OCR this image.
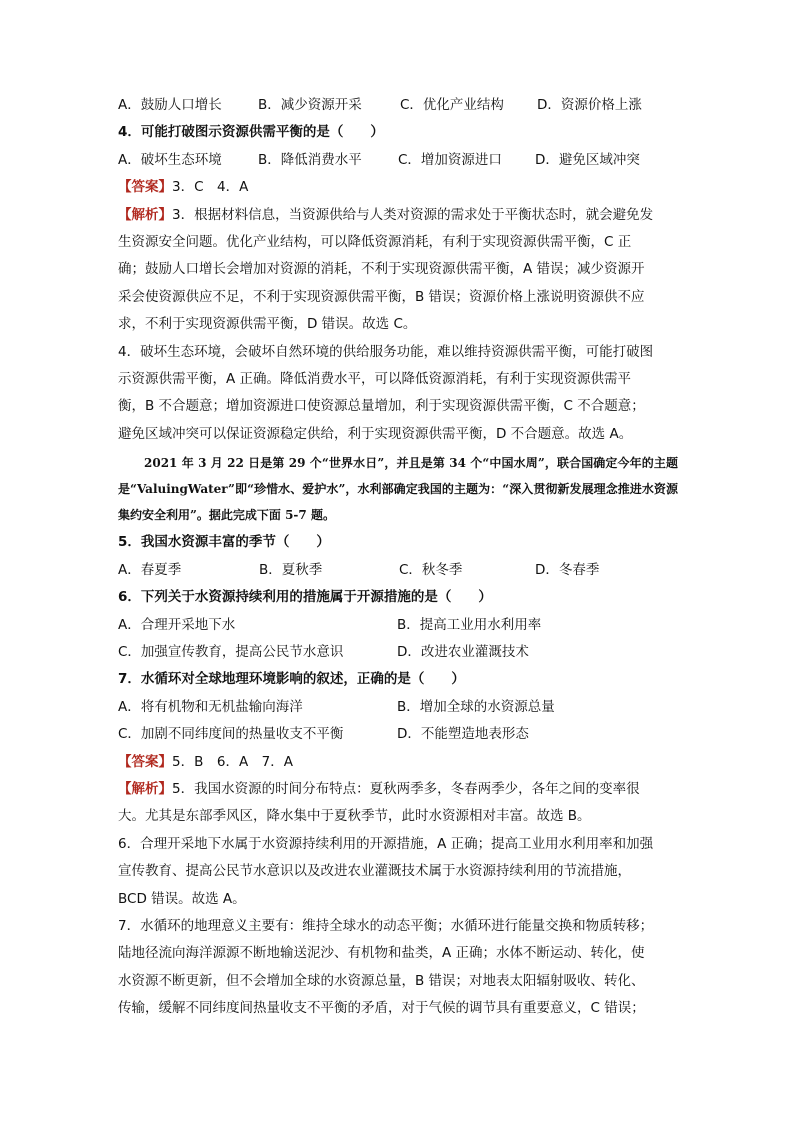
A．鼓励人口增长	B．减少资源开采	C．优化产业结构	D．资源价格上涨
4．可能打破图示资源供需平衡的是（　　）
A．破坏生态环境	B．降低消费水平	C．增加资源进口	D．避免区域冲突
【答案】3．C　4．A
【解析】3．根据材料信息，当资源供给与人类对资源的需求处于平衡状态时，就会避免发
生资源安全问题。优化产业结构，可以降低资源消耗，有利于实现资源供需平衡，C 正
确；鼓励人口增长会增加对资源的消耗，不利于实现资源供需平衡，A 错误；减少资源开
采会使资源供应不足，不利于实现资源供需平衡，B 错误；资源价格上涨说明资源供不应
求，不利于实现资源供需平衡，D 错误。故选 C。
4．破坏生态环境，会破坏自然环境的供给服务功能，难以维持资源供需平衡，可能打破图
示资源供需平衡，A 正确。降低消费水平，可以降低资源消耗，有利于实现资源供需平
衡，B 不合题意；增加资源进口使资源总量增加，利于实现资源供需平衡，C 不合题意；
避免区域冲突可以保证资源稳定供给，利于实现资源供需平衡，D 不合题意。故选 A。
2021 年 3 月 22 日是第 29 个“世界水日”，并且是第 34 个“中国水周”，联合国确定今年的主题是“ValuingWater”即“珍惜水、爱护水”，水利部确定我国的主题为：“深入贯彻新发展理念推进水资源集约安全利用”。据此完成下面 5-7 题。
5．我国水资源丰富的季节（　　）
A．春夏季	B．夏秋季	C．秋冬季	D．冬春季
6．下列关于水资源持续利用的措施属于开源措施的是（　　）
A．合理开采地下水	B．提高工业用水利用率
C．加强宣传教育，提高公民节水意识	D．改进农业灌溉技术
7．水循环对全球地理环境影响的叙述，正确的是（　　）
A．将有机物和无机盐输向海洋	B．增加全球的水资源总量
C．加剧不同纬度间的热量收支不平衡	D．不能塑造地表形态
【答案】5．B　6．A　7．A
【解析】5．我国水资源的时间分布特点：夏秋两季多，冬春两季少，各年之间的变率很
大。尤其是东部季风区，降水集中于夏秋季节，此时水资源相对丰富。故选 B。
6．合理开采地下水属于水资源持续利用的开源措施，A 正确；提高工业用水利用率和加强
宣传教育、提高公民节水意识以及改进农业灌溉技术属于水资源持续利用的节流措施，
BCD 错误。故选 A。
7．水循环的地理意义主要有：维持全球水的动态平衡；水循环进行能量交换和物质转移；
陆地径流向海洋源源不断地输送泥沙、有机物和盐类，A 正确；水体不断运动、转化，使
水资源不断更新，但不会增加全球的水资源总量，B 错误；对地表太阳辐射吸收、转化、
传输，缓解不同纬度间热量收支不平衡的矛盾，对于气候的调节具有重要意义，C 错误；
